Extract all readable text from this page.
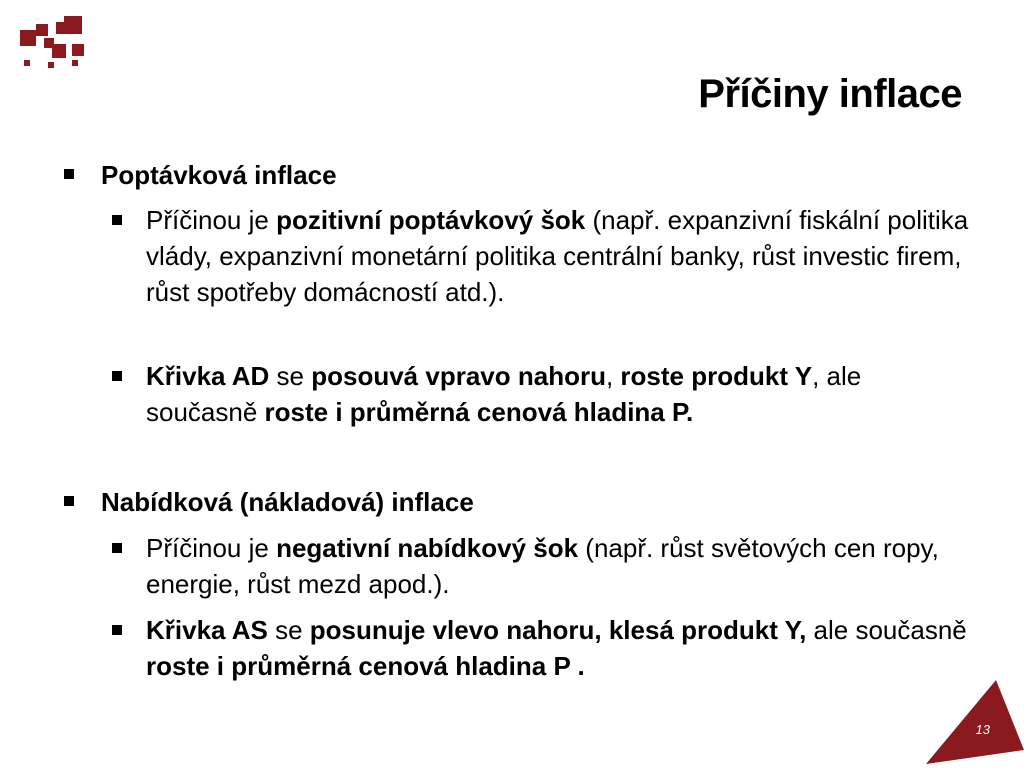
Příčiny inflace
Poptávková inflace
Příčinou je pozitivní poptávkový šok (např. expanzivní fiskální politika vlády, expanzivní monetární politika centrální banky, růst investic firem, růst spotřeby domácností atd.).
Křivka AD se posouvá vpravo nahoru, roste produkt Y, ale současně roste i průměrná cenová hladina P.
Nabídková (nákladová) inflace
Příčinou je negativní nabídkový šok (např. růst světových cen ropy, energie, růst mezd apod.).
Křivka AS se posunuje vlevo nahoru, klesá produkt Y, ale současně roste i průměrná cenová hladina P .
13
